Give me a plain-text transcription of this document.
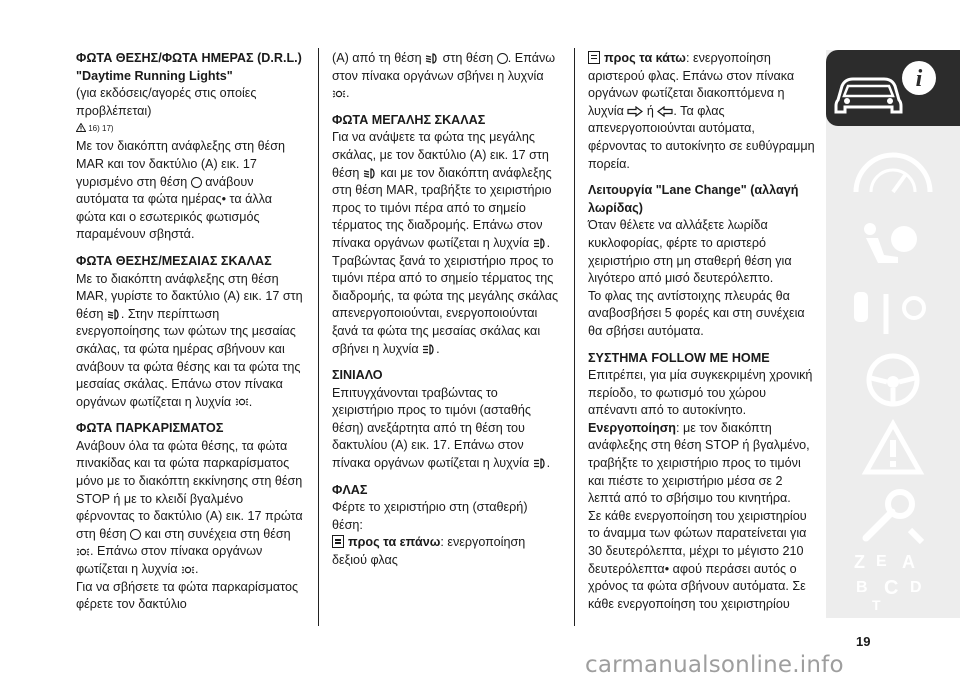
ΦΩΤΑ ΘΕΣΗΣ/ΦΩΤΑ ΗΜΕΡΑΣ (D.R.L.)
"Daytime Running Lights"

(για εκδόσεις/αγορές στις οποίες προβλέπεται)

16) 17)

Με τον διακόπτη ανάφλεξης στη θέση MAR και τον δακτύλιο (A) εικ. 17 γυρισμένο στη θέση ανάβουν αυτόματα τα φώτα ημέρας• τα άλλα φώτα και ο εσωτερικός φωτισμός παραμένουν σβηστά.

ΦΩΤΑ ΘΕΣΗΣ/ΜΕΣΑΙΑΣ ΣΚΑΛΑΣ

Με το διακόπτη ανάφλεξης στη θέση MAR, γυρίστε το δακτύλιο (A) εικ. 17 στη θέση . Στην περίπτωση ενεργοποίησης των φώτων της μεσαίας σκάλας, τα φώτα ημέρας σβήνουν και ανάβουν τα φώτα θέσης και τα φώτα της μεσαίας σκάλας. Επάνω στον πίνακα οργάνων φωτίζεται η λυχνία .

ΦΩΤΑ ΠΑΡΚΑΡΙΣΜΑΤΟΣ

Ανάβουν όλα τα φώτα θέσης, τα φώτα πινακίδας και τα φώτα παρκαρίσματος μόνο με το διακόπτη εκκίνησης στη θέση STOP ή με το κλειδί βγαλμένο φέρνοντας το δακτύλιο (A) εικ. 17 πρώτα στη θέση και στη συνέχεια στη θέση . Επάνω στον πίνακα οργάνων φωτίζεται η λυχνία .

Για να σβήσετε τα φώτα παρκαρίσματος φέρετε τον δακτύλιο

(A) από τη θέση στη θέση . Επάνω στον πίνακα οργάνων σβήνει η λυχνία .

ΦΩΤΑ ΜΕΓΑΛΗΣ ΣΚΑΛΑΣ

Για να ανάψετε τα φώτα της μεγάλης σκάλας, με τον δακτύλιο (A) εικ. 17 στη θέση και με τον διακόπτη ανάφλεξης στη θέση MAR, τραβήξτε το χειριστήριο προς το τιμόνι πέρα από το σημείο τέρματος της διαδρομής. Επάνω στον πίνακα οργάνων φωτίζεται η λυχνία . Τραβώντας ξανά το χειριστήριο προς το τιμόνι πέρα από το σημείο τέρματος της διαδρομής, τα φώτα της μεγάλης σκάλας απενεργοποιούνται, ενεργοποιούνται ξανά τα φώτα της μεσαίας σκάλας και σβήνει η λυχνία .

ΣΙΝΙΑΛΟ

Επιτυγχάνονται τραβώντας το χειριστήριο προς το τιμόνι (ασταθής θέση) ανεξάρτητα από τη θέση του δακτυλίου (A) εικ. 17. Επάνω στον πίνακα οργάνων φωτίζεται η λυχνία .

ΦΛΑΣ

Φέρτε το χειριστήριο στη (σταθερή) θέση:

προς τα επάνω: ενεργοποίηση δεξιού φλας

προς τα κάτω: ενεργοποίηση αριστερού φλας. Επάνω στον πίνακα οργάνων φωτίζεται διακοπτόμενα η λυχνία ή . Τα φλας απενεργοποιούνται αυτόματα, φέρνοντας το αυτοκίνητο σε ευθύγραμμη πορεία.

Λειτουργία "Lane Change" (αλλαγή λωρίδας)

Όταν θέλετε να αλλάξετε λωρίδα κυκλοφορίας, φέρτε το αριστερό χειριστήριο στη μη σταθερή θέση για λιγότερο από μισό δευτερόλεπτο.

Το φλας της αντίστοιχης πλευράς θα αναβοσβήσει 5 φορές και στη συνέχεια θα σβήσει αυτόματα.

ΣΥΣΤΗΜΑ FOLLOW ME HOME

Επιτρέπει, για μία συγκεκριμένη χρονική περίοδο, το φωτισμό του χώρου απέναντι από το αυτοκίνητο.

Ενεργοποίηση: με τον διακόπτη ανάφλεξης στη θέση STOP ή βγαλμένο, τραβήξτε το χειριστήριο προς το τιμόνι και πιέστε το χειριστήριο μέσα σε 2 λεπτά από το σβήσιμο του κινητήρα.

Σε κάθε ενεργοποίηση του χειριστηρίου το άναμμα των φώτων παρατείνεται για 30 δευτερόλεπτα, μέχρι το μέγιστο 210 δευτερόλεπτα• αφού περάσει αυτός ο χρόνος τα φώτα σβήνουν αυτόματα. Σε κάθε ενεργοποίηση του χειριστηρίου

i
Z E A
B C D
T
19
carmanualsonline.info
